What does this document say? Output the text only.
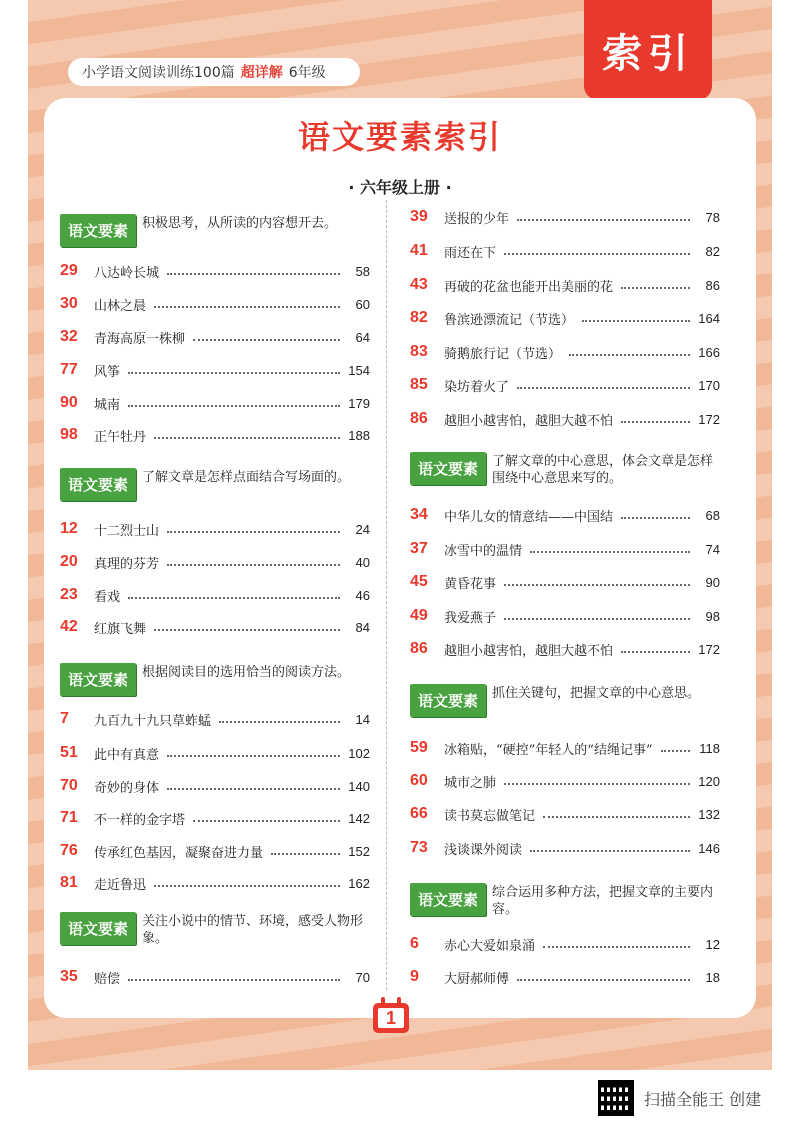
小学语文阅读训练100篇 超详解 6年级	索引
语文要素索引
· 六年级上册 ·
语文要素	积极思考，从所读的内容想开去。
29	八达岭长城	58
30	山林之晨	60
32	青海高原一株柳	64
77	风筝	154
90	城南	179
98	正午牡丹	188
语文要素	了解文章是怎样点面结合写场面的。
12	十二烈士山	24
20	真理的芬芳	40
23	看戏	46
42	红旗飞舞	84
语文要素	根据阅读目的选用恰当的阅读方法。
7	九百九十九只草蚱蜢	14
51	此中有真意	102
70	奇妙的身体	140
71	不一样的金字塔	142
76	传承红色基因，凝聚奋进力量	152
81	走近鲁迅	162
语文要素	关注小说中的情节、环境，感受人物形象。
35	赔偿	70
39	送报的少年	78
41	雨还在下	82
43	再破的花盆也能开出美丽的花	86
82	鲁滨逊漂流记（节选）	164
83	骑鹅旅行记（节选）	166
85	染坊着火了	170
86	越胆小越害怕，越胆大越不怕	172
语文要素	了解文章的中心意思，体会文章是怎样围绕中心意思来写的。
34	中华儿女的情意结——中国结	68
37	冰雪中的温情	74
45	黄昏花事	90
49	我爱燕子	98
86	越胆小越害怕，越胆大越不怕	172
语文要素	抓住关键句，把握文章的中心意思。
59	冰箱贴，“硬控”年轻人的“结绳记事”	118
60	城市之肺	120
66	读书莫忘做笔记	132
73	浅谈课外阅读	146
语文要素	综合运用多种方法，把握文章的主要内容。
6	赤心大爱如泉涌	12
9	大厨郝师傅	18
1
扫描全能王 创建
